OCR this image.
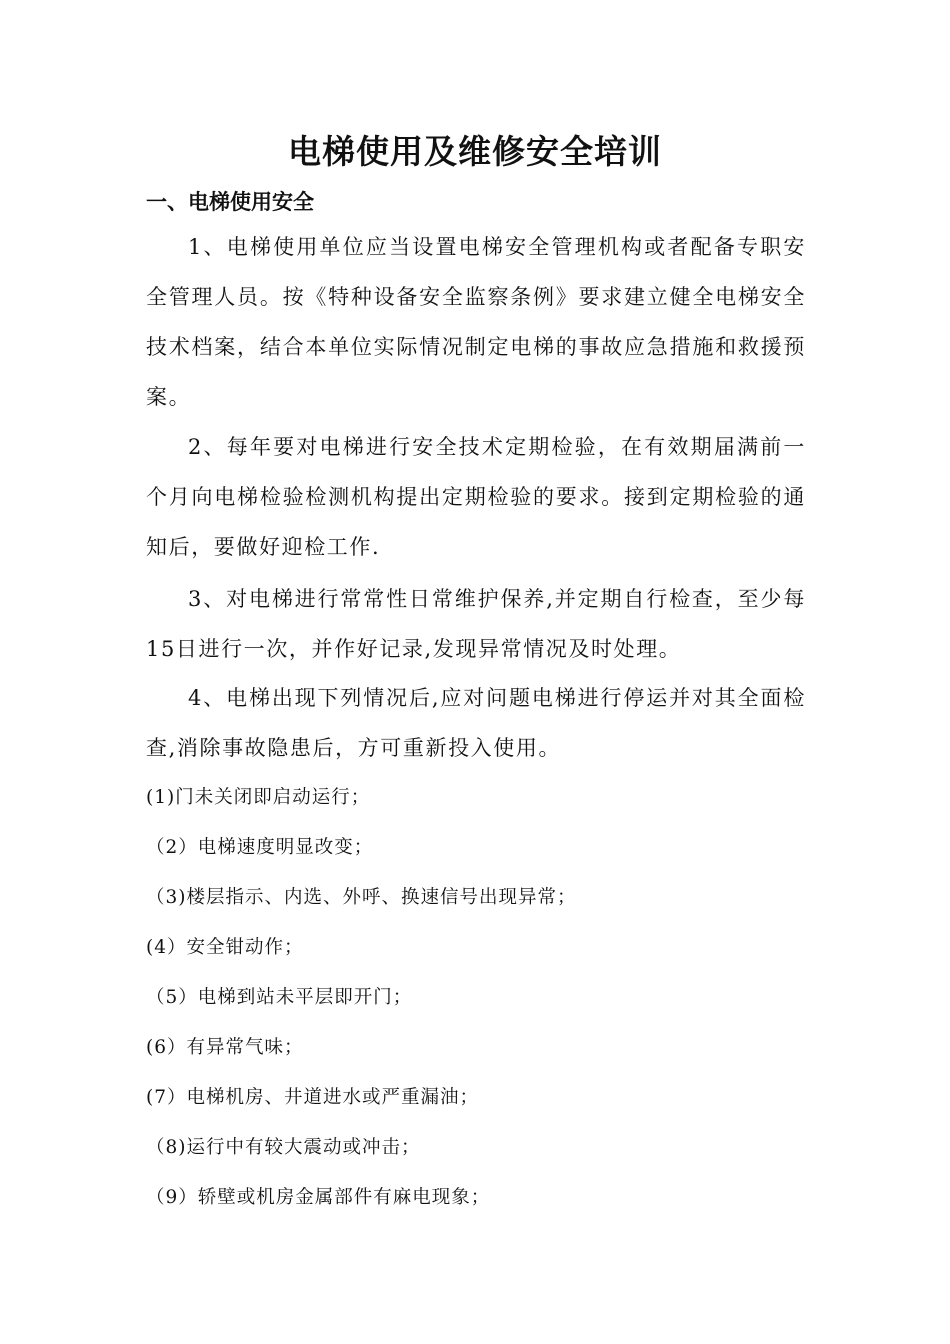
电梯使用及维修安全培训
一、电梯使用安全

1、电梯使用单位应当设置电梯安全管理机构或者配备专职安全管理人员。按《特种设备安全监察条例》要求建立健全电梯安全技术档案，结合本单位实际情况制定电梯的事故应急措施和救援预案。

2、每年要对电梯进行安全技术定期检验，在有效期届满前一个月向电梯检验检测机构提出定期检验的要求。接到定期检验的通知后，要做好迎检工作.

3、对电梯进行常常性日常维护保养,并定期自行检查，至少每15日进行一次，并作好记录,发现异常情况及时处理。

4、电梯出现下列情况后,应对问题电梯进行停运并对其全面检查,消除事故隐患后，方可重新投入使用。

(1)门未关闭即启动运行；

（2）电梯速度明显改变；

（3)楼层指示、内选、外呼、换速信号出现异常；

(4）安全钳动作；

（5）电梯到站未平层即开门；

(6）有异常气味；

(7）电梯机房、井道进水或严重漏油；

（8)运行中有较大震动或冲击；

（9）轿壁或机房金属部件有麻电现象；
